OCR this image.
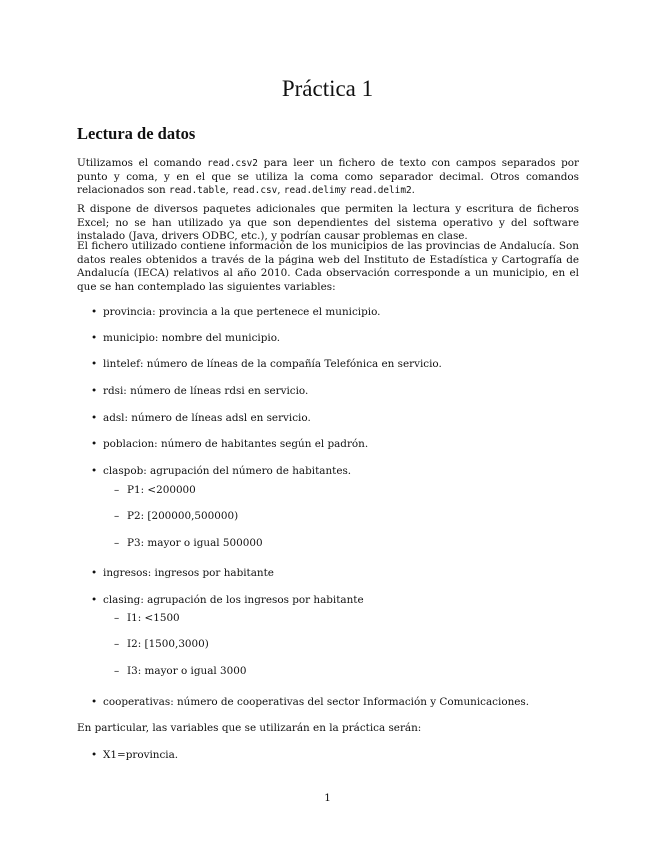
Práctica 1
Lectura de datos

Utilizamos el comando read.csv2 para leer un fichero de texto con campos separados por punto y coma, y en el que se utiliza la coma como separador decimal. Otros comandos relacionados son read.table, read.csv, read.delimy read.delim2.

R dispone de diversos paquetes adicionales que permiten la lectura y escritura de ficheros Excel; no se han utilizado ya que son dependientes del sistema operativo y del software instalado (Java, drivers ODBC, etc.), y podrían causar problemas en clase.

El fichero utilizado contiene información de los municipios de las provincias de Andalucía. Son datos reales obtenidos a través de la página web del Instituto de Estadística y Cartografía de Andalucía (IECA) relativos al año 2010. Cada observación corresponde a un municipio, en el que se han contemplado las siguientes variables:

• provincia: provincia a la que pertenece el municipio.
• municipio: nombre del municipio.
• lintelef: número de líneas de la compañía Telefónica en servicio.
• rdsi: número de líneas rdsi en servicio.
• adsl: número de líneas adsl en servicio.
• poblacion: número de habitantes según el padrón.
• claspob: agrupación del número de habitantes.
– P1: <200000
– P2: [200000,500000)
– P3: mayor o igual 500000
• ingresos: ingresos por habitante
• clasing: agrupación de los ingresos por habitante
– I1: <1500
– I2: [1500,3000)
– I3: mayor o igual 3000
• cooperativas: número de cooperativas del sector Información y Comunicaciones.

En particular, las variables que se utilizarán en la práctica serán:

• X1=provincia.
1
